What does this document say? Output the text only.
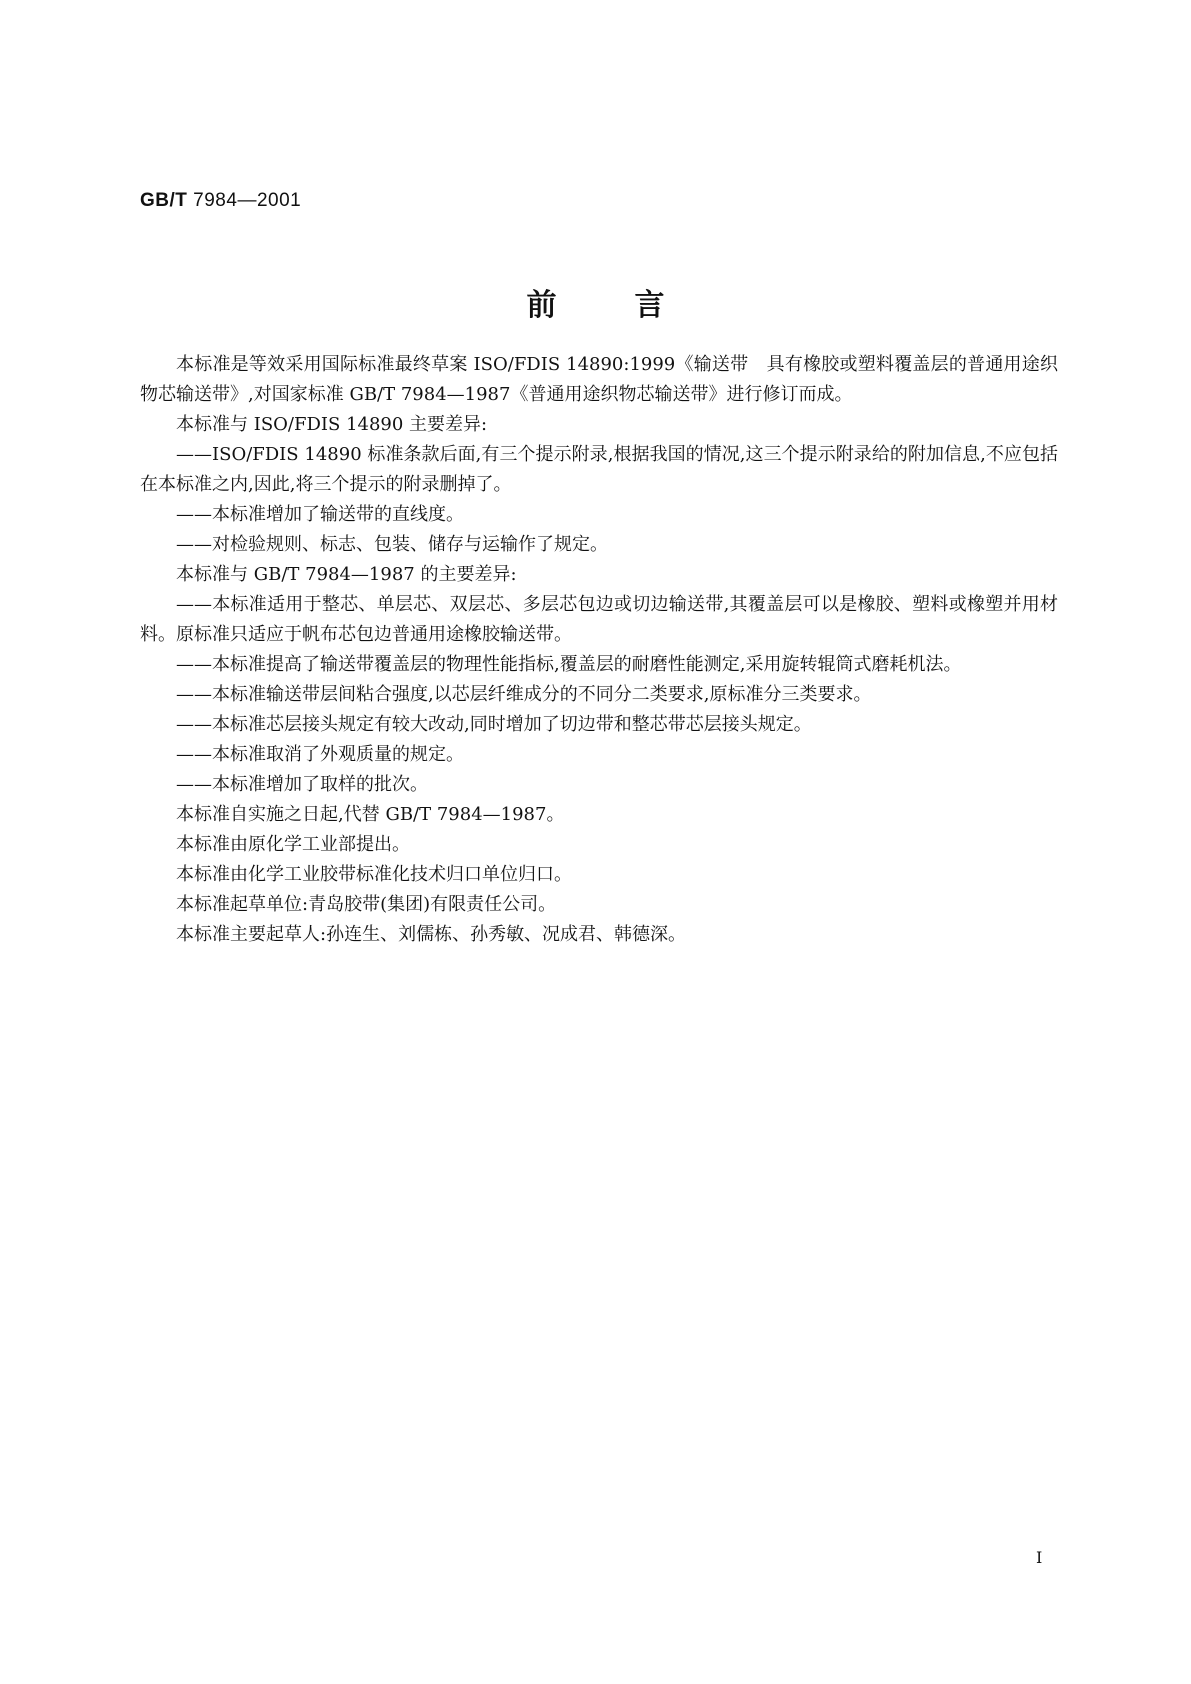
GB/T 7984—2001
前言

本标准是等效采用国际标准最终草案 ISO/FDIS 14890:1999《输送带　具有橡胶或塑料覆盖层的普通用途织物芯输送带》,对国家标准 GB/T 7984—1987《普通用途织物芯输送带》进行修订而成。

本标准与 ISO/FDIS 14890 主要差异:

——ISO/FDIS 14890 标准条款后面,有三个提示附录,根据我国的情况,这三个提示附录给的附加信息,不应包括在本标准之内,因此,将三个提示的附录删掉了。

——本标准增加了输送带的直线度。

——对检验规则、标志、包装、储存与运输作了规定。

本标准与 GB/T 7984—1987 的主要差异:

——本标准适用于整芯、单层芯、双层芯、多层芯包边或切边输送带,其覆盖层可以是橡胶、塑料或橡塑并用材料。原标准只适应于帆布芯包边普通用途橡胶输送带。

——本标准提高了输送带覆盖层的物理性能指标,覆盖层的耐磨性能测定,采用旋转辊筒式磨耗机法。

——本标准输送带层间粘合强度,以芯层纤维成分的不同分二类要求,原标准分三类要求。

——本标准芯层接头规定有较大改动,同时增加了切边带和整芯带芯层接头规定。

——本标准取消了外观质量的规定。

——本标准增加了取样的批次。

本标准自实施之日起,代替 GB/T 7984—1987。

本标准由原化学工业部提出。

本标准由化学工业胶带标准化技术归口单位归口。

本标准起草单位:青岛胶带(集团)有限责任公司。

本标准主要起草人:孙连生、刘儒栋、孙秀敏、况成君、韩德深。

I
